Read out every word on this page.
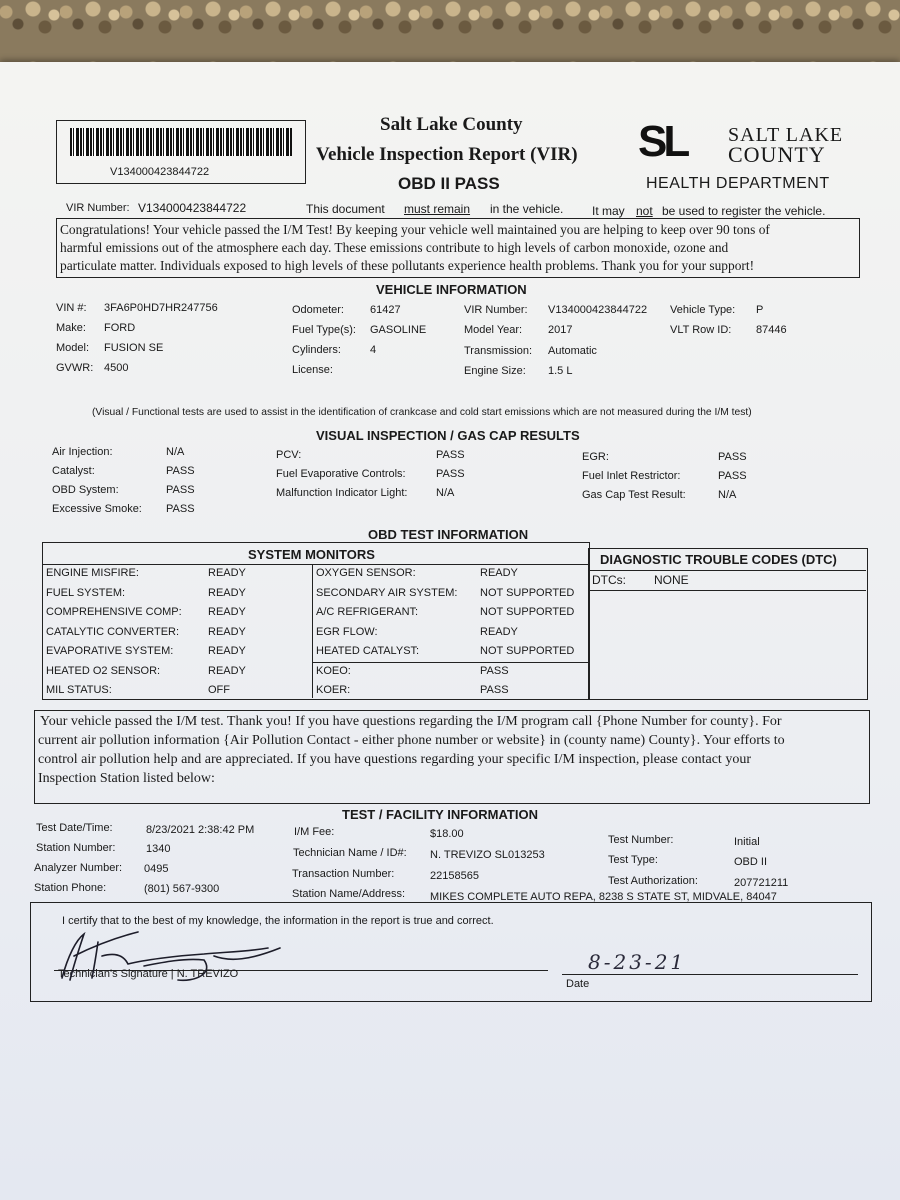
V134000423844722
Salt Lake County
Vehicle Inspection Report (VIR)
OBD II PASS
SL SALT LAKE
COUNTY
HEALTH DEPARTMENT
VIR Number: V134000423844722	This document must remain in the vehicle. It may not be used to register the vehicle.
Congratulations! Your vehicle passed the I/M Test! By keeping your vehicle well maintained you are helping to keep over 90 tons of
harmful emissions out of the atmosphere each day. These emissions contribute to high levels of carbon monoxide, ozone and
particulate matter. Individuals exposed to high levels of these pollutants experience health problems. Thank you for your support!
VEHICLE INFORMATION
VIN #: 3FA6P0HD7HR247756
Make: FORD
Model: FUSION SE
GVWR: 4500
Odometer: 61427
Fuel Type(s): GASOLINE
Cylinders:	4
License:
VIR Number: V134000423844722
Model Year: 2017
Transmission: Automatic
Engine Size: 1.5 L
Vehicle Type: P
VLT Row ID: 87446
(Visual / Functional tests are used to assist in the identification of crankcase and cold start emissions which are not measured during the I/M test)
VISUAL INSPECTION / GAS CAP RESULTS
Air Injection:	N/A
Catalyst:	PASS
OBD System:	PASS
Excessive Smoke: PASS
PCV:	PASS
Fuel Evaporative Controls:	PASS
Malfunction Indicator Light:	N/A
EGR:	PASS
Fuel Inlet Restrictor:	PASS
Gas Cap Test Result:	N/A
OBD TEST INFORMATION
SYSTEM MONITORS	DIAGNOSTIC TROUBLE CODES (DTC)
DTCs: NONE
Your vehicle passed the I/M test. Thank you! If you have questions regarding the I/M program call {Phone Number for county}. For
current air pollution information {Air Pollution Contact - either phone number or website} in (county name) County}. Your efforts to
control air pollution help and are appreciated. If you have questions regarding your specific I/M inspection, please contact your
Inspection Station listed below:
TEST / FACILITY INFORMATION
Test Date/Time:	8/23/2021 2:38:42 PM
Station Number:	1340
Analyzer Number: 0495
Station Phone:	(801) 567-9300
I/M Fee:	$18.00
Technician Name / ID#: N. TREVIZO SL013253
Transaction Number:	22158565
Station Name/Address: MIKES COMPLETE AUTO REPA, 8238 S STATE ST, MIDVALE, 84047
Test Number:	Initial
Test Type:	OBD II
Test Authorization:	207721211
I certify that to the best of my knowledge, the information in the report is true and correct.
Technician's Signature | N. TREVIZO
Date
8-23-21
ENGINE MISFIRE:	READY
FUEL SYSTEM:	READY
COMPREHENSIVE COMP: READY
CATALYTIC CONVERTER:	READY
EVAPORATIVE SYSTEM:	READY
HEATED O2 SENSOR:	READY
MIL STATUS:	OFF
OXYGEN SENSOR:	READY
SECONDARY AIR SYSTEM: NOT SUPPORTED
A/C REFRIGERANT:	NOT SUPPORTED
EGR FLOW:	READY
HEATED CATALYST:	NOT SUPPORTED
KOEO:	PASS
KOER:	PASS
